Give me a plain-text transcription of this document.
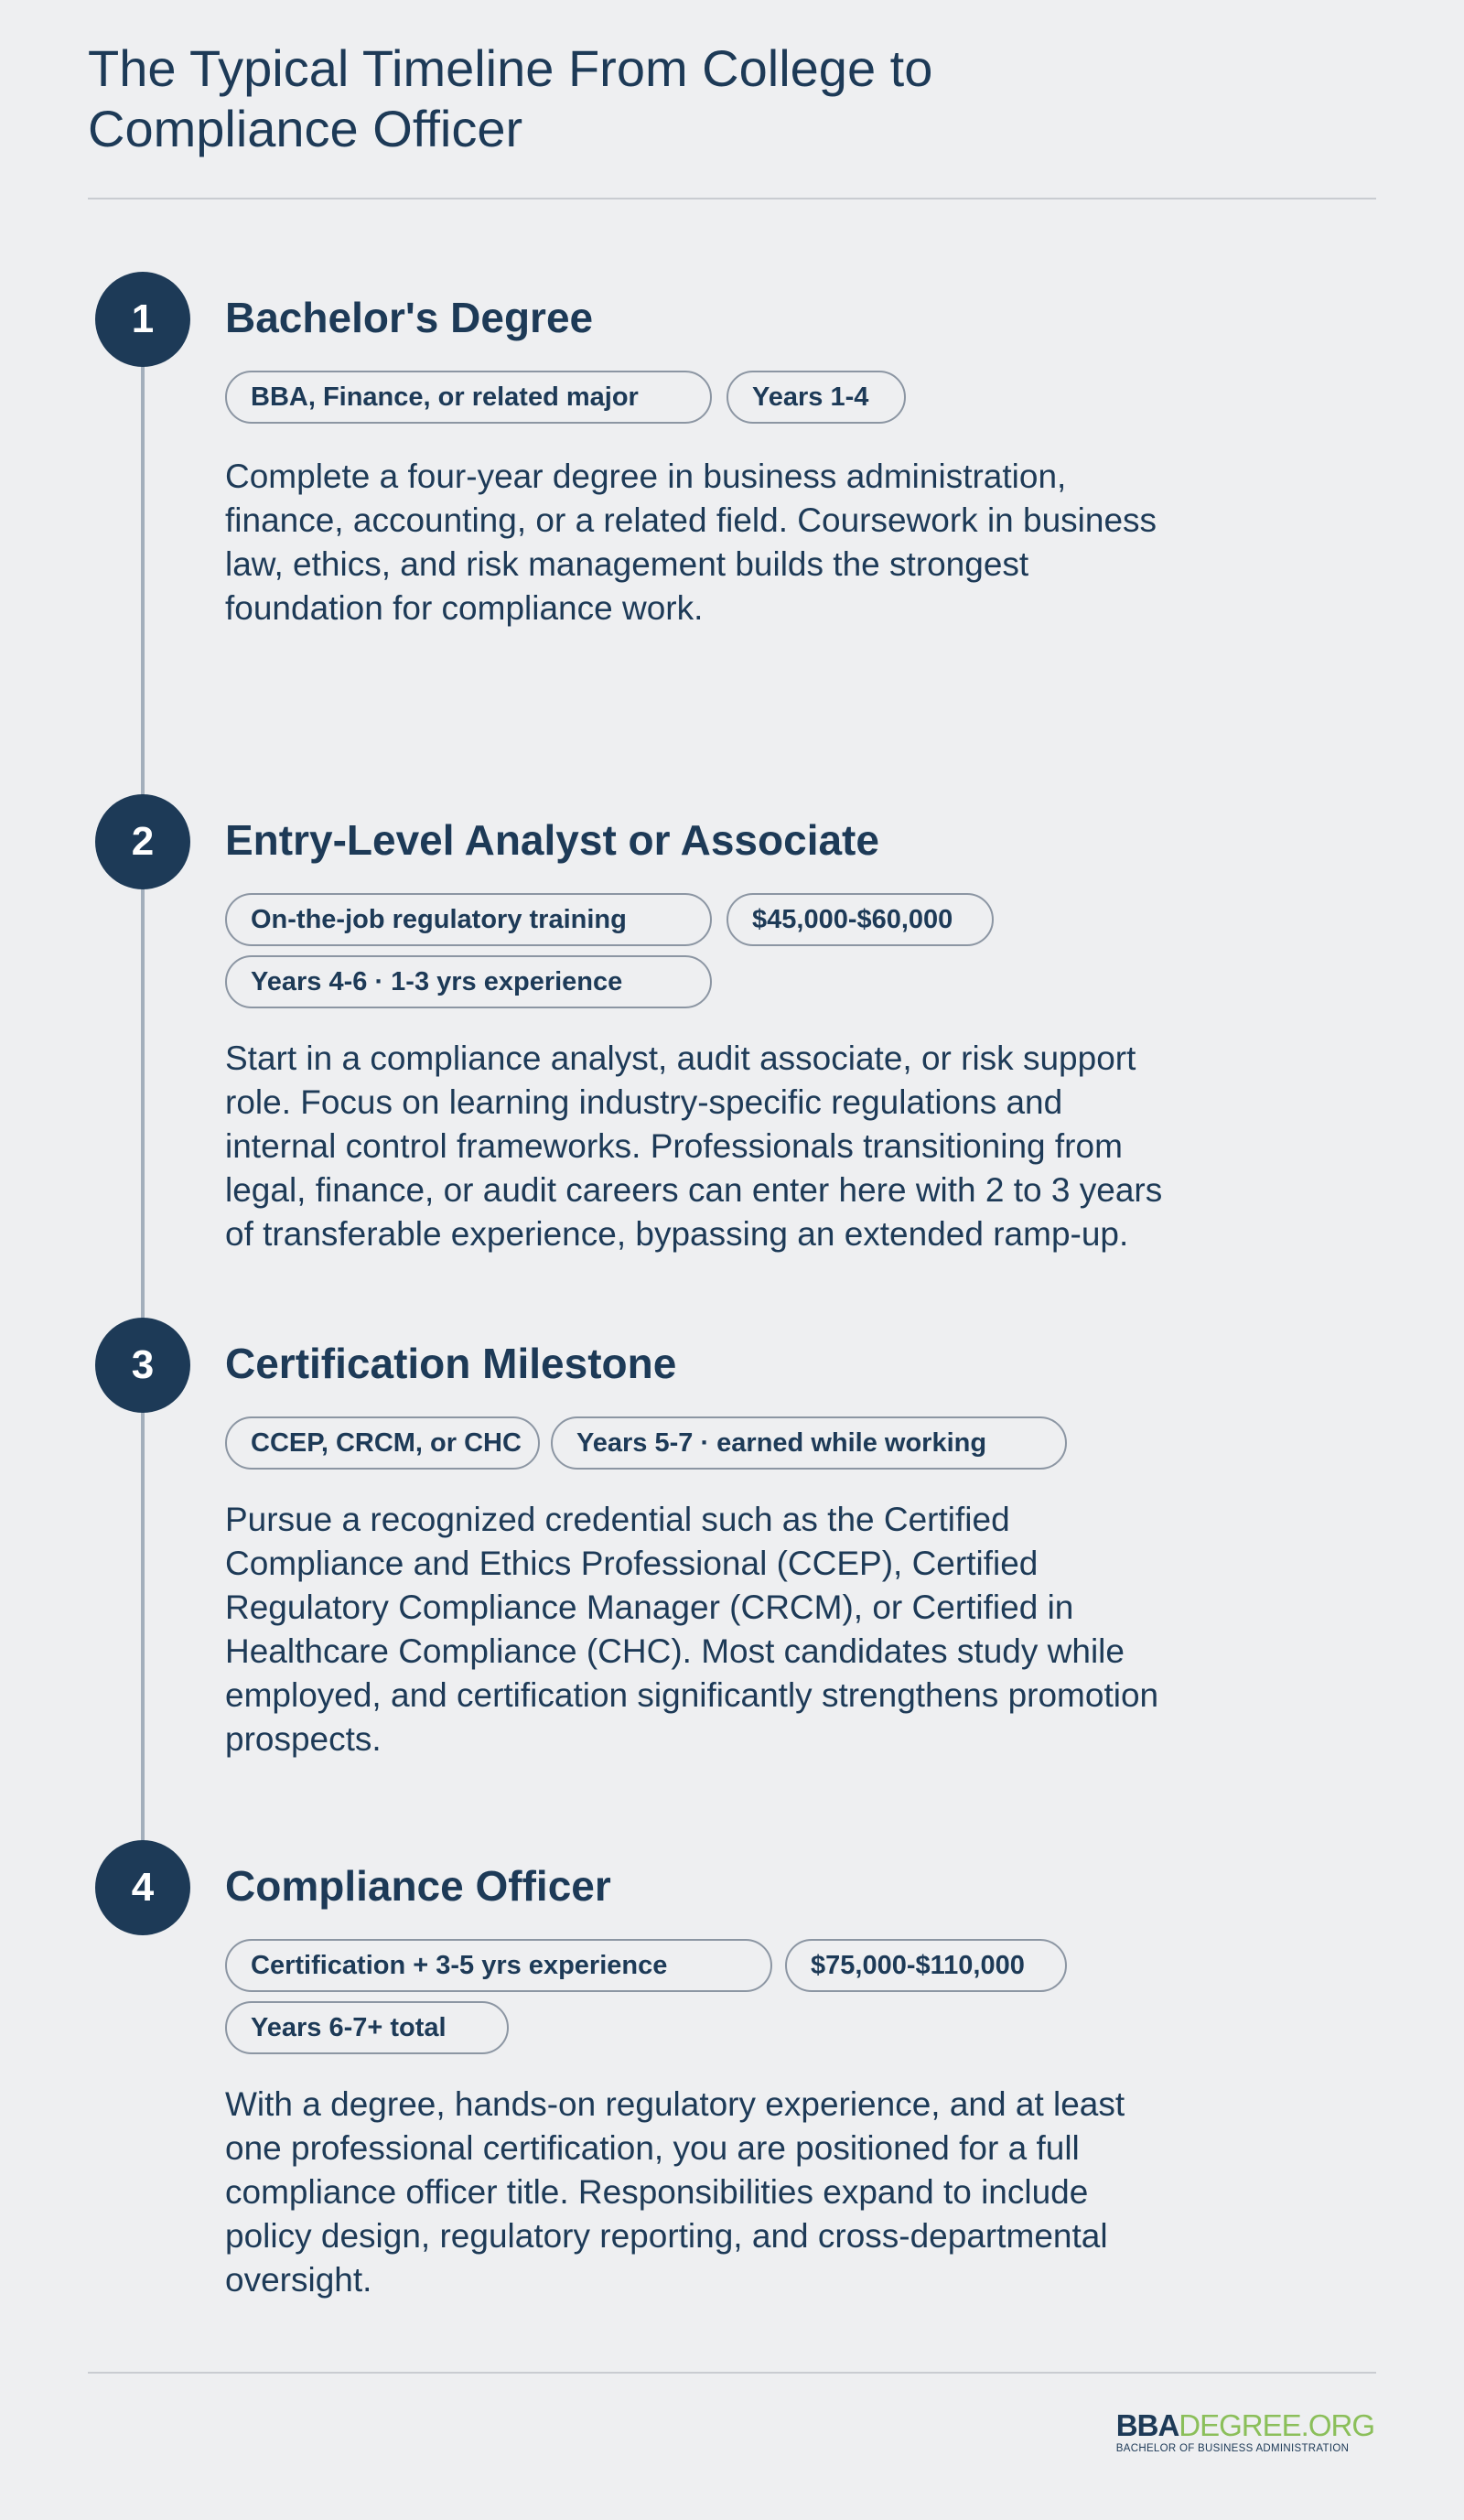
The Typical Timeline From College to Compliance Officer
1	Bachelor's Degree
BBA, Finance, or related major	Years 1-4

Complete a four-year degree in business administration, finance, accounting, or a related field. Coursework in business law, ethics, and risk management builds the strongest foundation for compliance work.

2	Entry-Level Analyst or Associate
On-the-job regulatory training	$45,000-$60,000
Years 4-6 · 1-3 yrs experience

Start in a compliance analyst, audit associate, or risk support role. Focus on learning industry-specific regulations and internal control frameworks. Professionals transitioning from legal, finance, or audit careers can enter here with 2 to 3 years of transferable experience, bypassing an extended ramp-up.

3	Certification Milestone
CCEP, CRCM, or CHC	Years 5-7 · earned while working

Pursue a recognized credential such as the Certified Compliance and Ethics Professional (CCEP), Certified Regulatory Compliance Manager (CRCM), or Certified in Healthcare Compliance (CHC). Most candidates study while employed, and certification significantly strengthens promotion prospects.

4	Compliance Officer
Certification + 3-5 yrs experience	$75,000-$110,000
Years 6-7+ total

With a degree, hands-on regulatory experience, and at least one professional certification, you are positioned for a full compliance officer title. Responsibilities expand to include policy design, regulatory reporting, and cross-departmental oversight.

BBADEGREE.ORG
BACHELOR OF BUSINESS ADMINISTRATION
